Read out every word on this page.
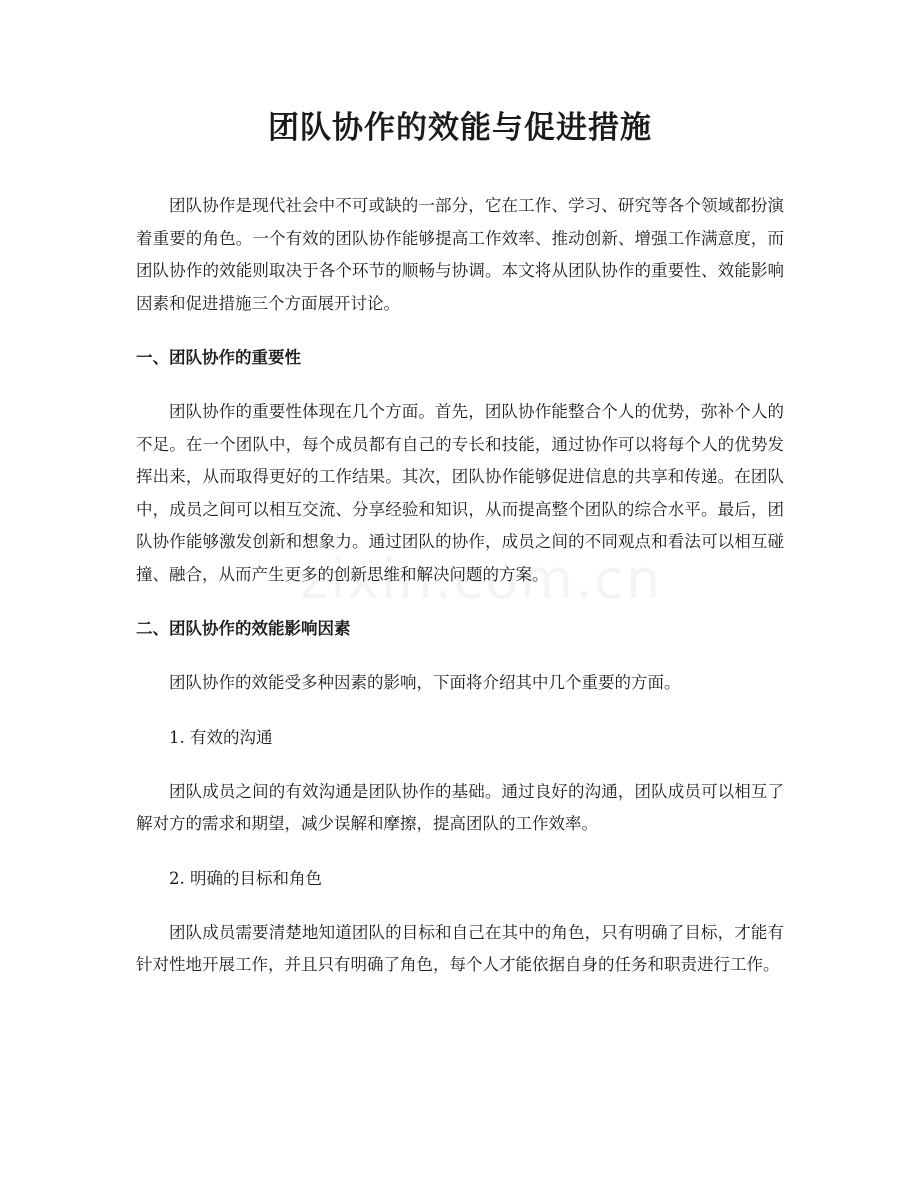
团队协作的效能与促进措施

团队协作是现代社会中不可或缺的一部分，它在工作、学习、研究等各个领域都扮演着重要的角色。一个有效的团队协作能够提高工作效率、推动创新、增强工作满意度，而团队协作的效能则取决于各个环节的顺畅与协调。本文将从团队协作的重要性、效能影响因素和促进措施三个方面展开讨论。

一、团队协作的重要性

团队协作的重要性体现在几个方面。首先，团队协作能整合个人的优势，弥补个人的不足。在一个团队中，每个成员都有自己的专长和技能，通过协作可以将每个人的优势发挥出来，从而取得更好的工作结果。其次，团队协作能够促进信息的共享和传递。在团队中，成员之间可以相互交流、分享经验和知识，从而提高整个团队的综合水平。最后，团队协作能够激发创新和想象力。通过团队的协作，成员之间的不同观点和看法可以相互碰撞、融合，从而产生更多的创新思维和解决问题的方案。

二、团队协作的效能影响因素

团队协作的效能受多种因素的影响，下面将介绍其中几个重要的方面。

1. 有效的沟通

团队成员之间的有效沟通是团队协作的基础。通过良好的沟通，团队成员可以相互了解对方的需求和期望，减少误解和摩擦，提高团队的工作效率。

2. 明确的目标和角色

团队成员需要清楚地知道团队的目标和自己在其中的角色，只有明确了目标，才能有针对性地开展工作，并且只有明确了角色，每个人才能依据自身的任务和职责进行工作。
